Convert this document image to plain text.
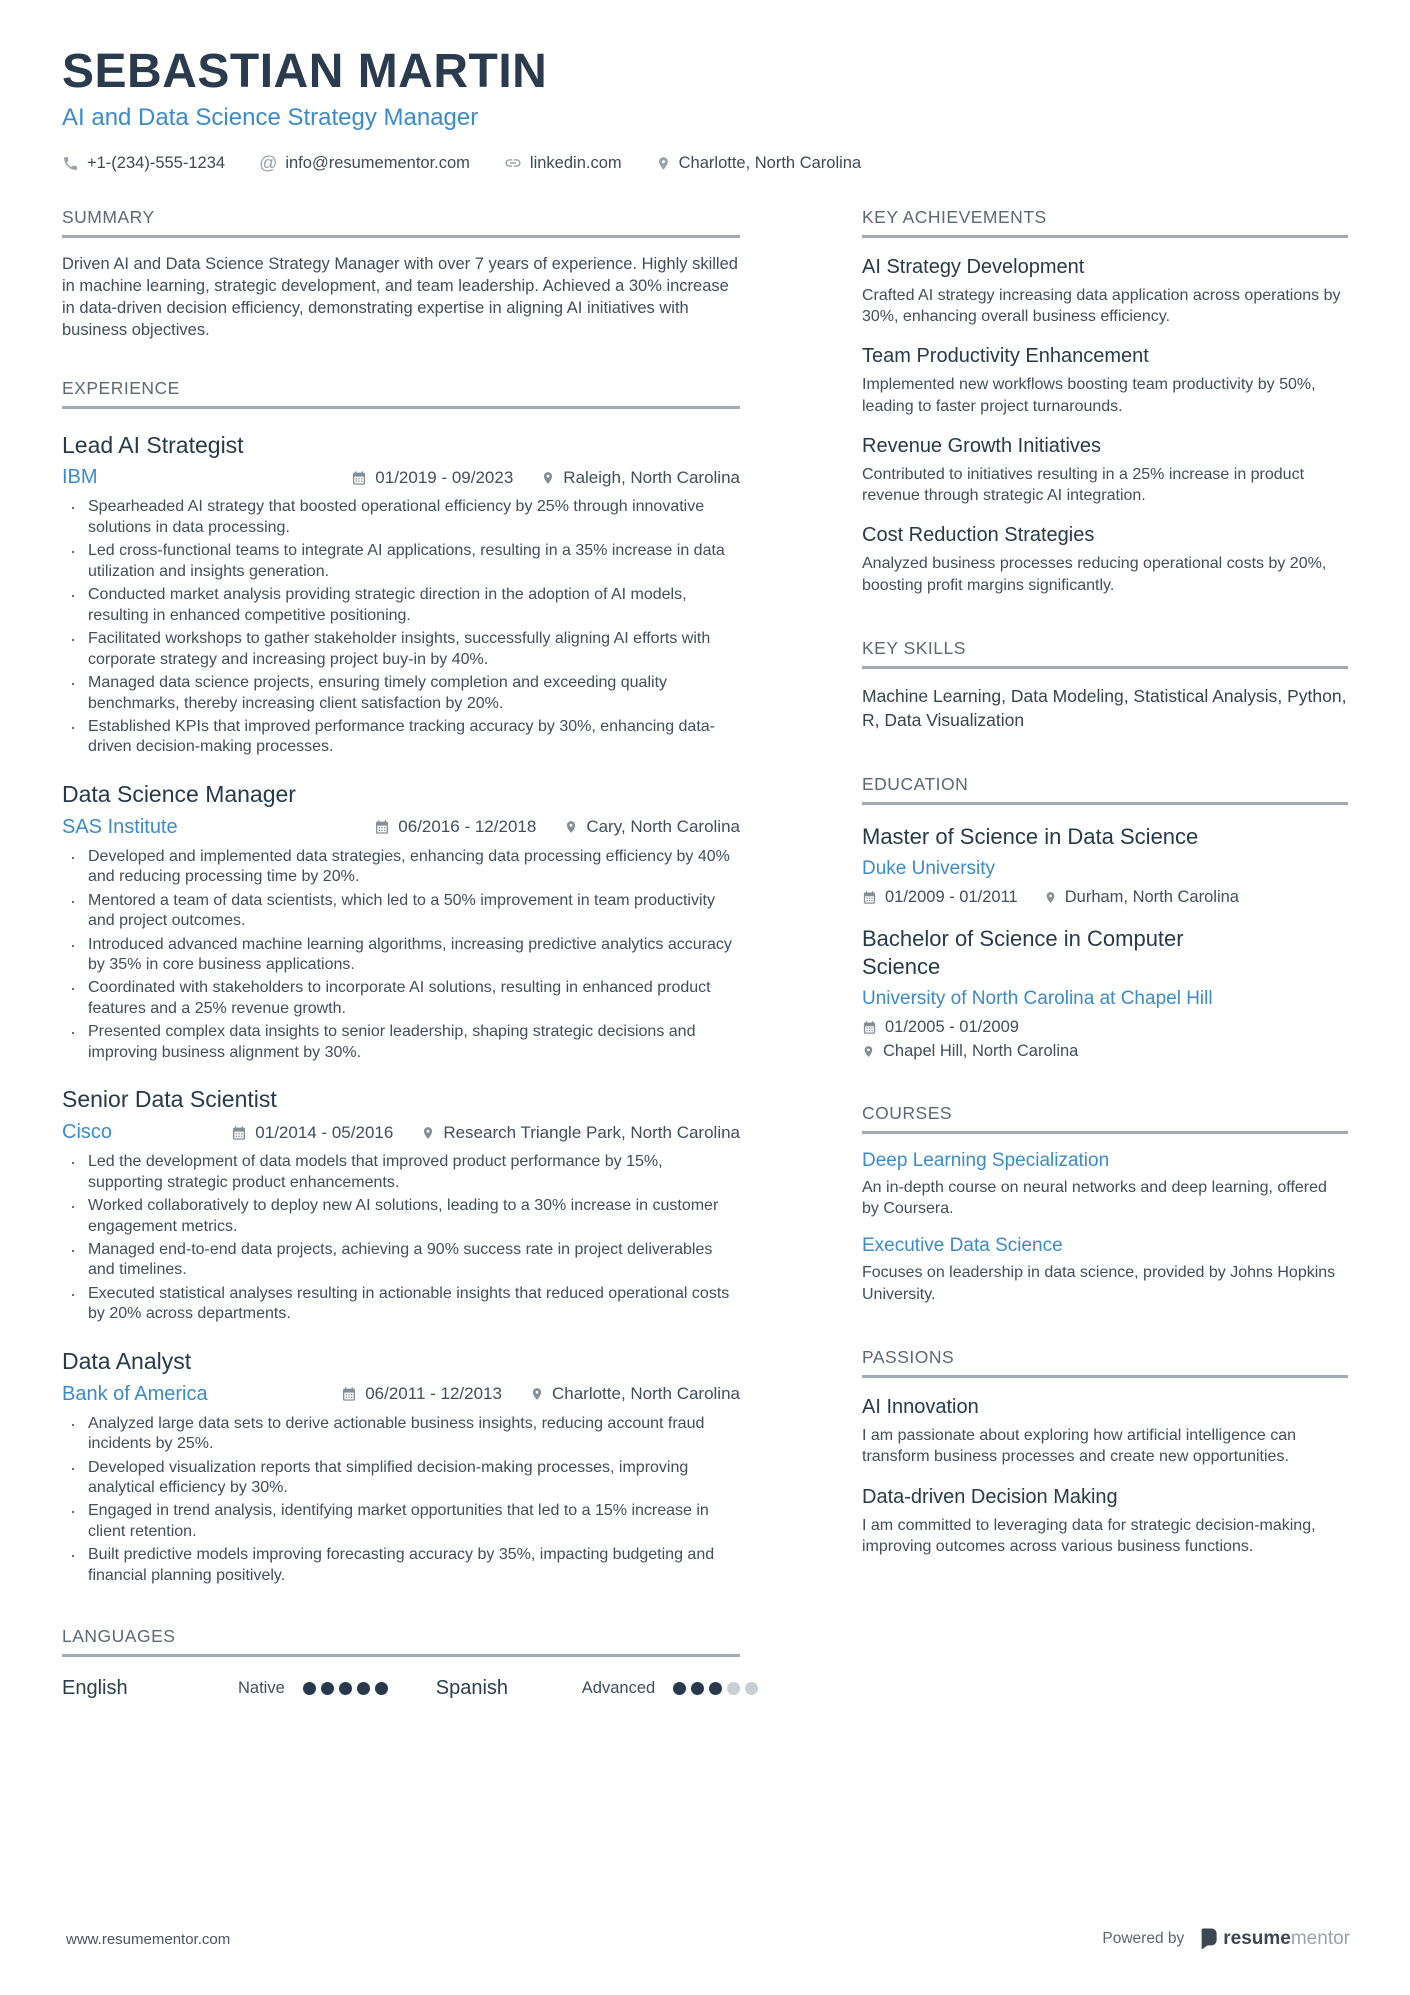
SEBASTIAN MARTIN
AI and Data Science Strategy Manager
+1-(234)-555-1234 @ info@resumementor.com	linkedin.com	Charlotte, North Carolina
SUMMARY

Driven AI and Data Science Strategy Manager with over 7 years of experience. Highly skilled in machine learning, strategic development, and team leadership. Achieved a 30% increase in data-driven decision efficiency, demonstrating expertise in aligning AI initiatives with business objectives.

EXPERIENCE
Lead AI Strategist
IBM	01/2019 - 09/2023	Raleigh, North Carolina
· Spearheaded AI strategy that boosted operational efficiency by 25% through innovative solutions in data processing.
· Led cross-functional teams to integrate AI applications, resulting in a 35% increase in data utilization and insights generation.
· Conducted market analysis providing strategic direction in the adoption of AI models, resulting in enhanced competitive positioning.
· Facilitated workshops to gather stakeholder insights, successfully aligning AI efforts with corporate strategy and increasing project buy-in by 40%.
· Managed data science projects, ensuring timely completion and exceeding quality benchmarks, thereby increasing client satisfaction by 20%.
· Established KPIs that improved performance tracking accuracy by 30%, enhancing data-driven decision-making processes.
Data Science Manager
SAS Institute	06/2016 - 12/2018	Cary, North Carolina
· Developed and implemented data strategies, enhancing data processing efficiency by 40% and reducing processing time by 20%.
· Mentored a team of data scientists, which led to a 50% improvement in team productivity and project outcomes.
· Introduced advanced machine learning algorithms, increasing predictive analytics accuracy by 35% in core business applications.
· Coordinated with stakeholders to incorporate AI solutions, resulting in enhanced product features and a 25% revenue growth.
· Presented complex data insights to senior leadership, shaping strategic decisions and improving business alignment by 30%.
Senior Data Scientist
Cisco	01/2014 - 05/2016	Research Triangle Park, North Carolina
· Led the development of data models that improved product performance by 15%, supporting strategic product enhancements.
· Worked collaboratively to deploy new AI solutions, leading to a 30% increase in customer engagement metrics.
· Managed end-to-end data projects, achieving a 90% success rate in project deliverables and timelines.
· Executed statistical analyses resulting in actionable insights that reduced operational costs by 20% across departments.
Data Analyst
Bank of America	06/2011 - 12/2013	Charlotte, North Carolina
· Analyzed large data sets to derive actionable business insights, reducing account fraud incidents by 25%.
· Developed visualization reports that simplified decision-making processes, improving analytical efficiency by 30%.
· Engaged in trend analysis, identifying market opportunities that led to a 15% increase in client retention.
· Built predictive models improving forecasting accuracy by 35%, impacting budgeting and financial planning positively.
LANGUAGES
English	Native	Spanish	Advanced
KEY ACHIEVEMENTS
AI Strategy Development

Crafted AI strategy increasing data application across operations by 30%, enhancing overall business efficiency.

Team Productivity Enhancement

Implemented new workflows boosting team productivity by 50%, leading to faster project turnarounds.

Revenue Growth Initiatives

Contributed to initiatives resulting in a 25% increase in product revenue through strategic AI integration.

Cost Reduction Strategies

Analyzed business processes reducing operational costs by 20%, boosting profit margins significantly.

KEY SKILLS

Machine Learning, Data Modeling, Statistical Analysis, Python, R, Data Visualization

EDUCATION
Master of Science in Data Science
Duke University
01/2009 - 01/2011	Durham, North Carolina
Bachelor of Science in Computer Science
University of North Carolina at Chapel Hill
01/2005 - 01/2009
Chapel Hill, North Carolina
COURSES
Deep Learning Specialization

An in-depth course on neural networks and deep learning, offered by Coursera.

Executive Data Science

Focuses on leadership in data science, provided by Johns Hopkins University.

PASSIONS
AI Innovation

I am passionate about exploring how artificial intelligence can transform business processes and create new opportunities.

Data-driven Decision Making

I am committed to leveraging data for strategic decision-making, improving outcomes across various business functions.

www.resumementor.com	Powered by resumementor
